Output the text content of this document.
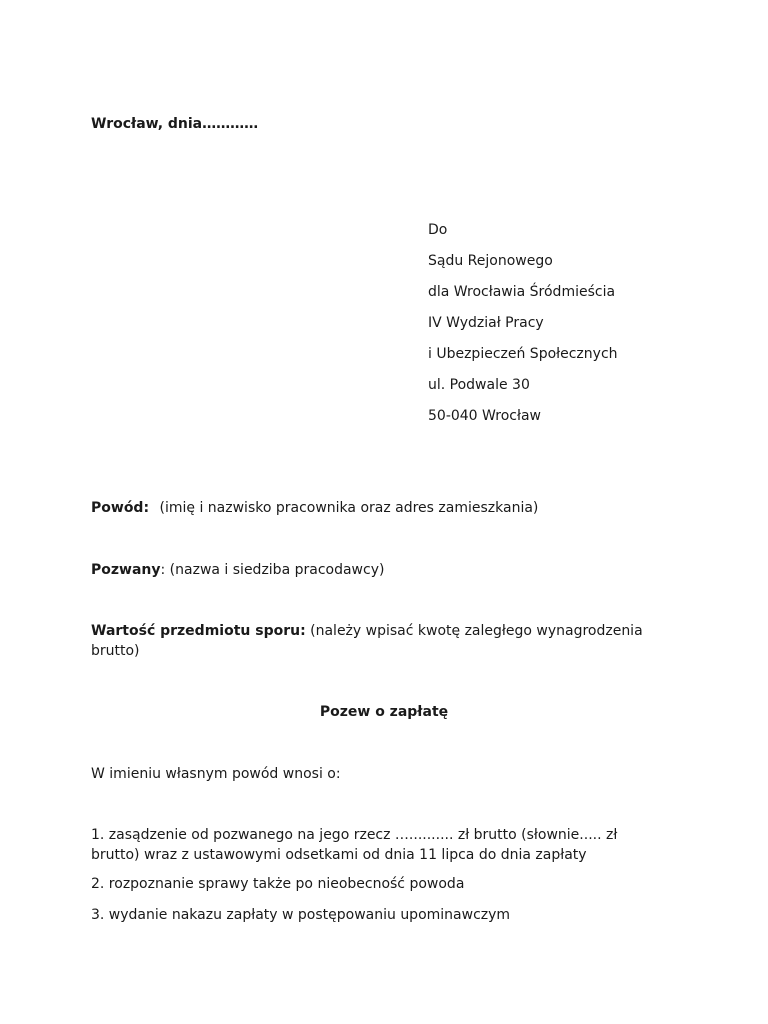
Wrocław, dnia…………
Do
Sądu Rejonowego
dla Wrocławia Śródmieścia
IV Wydział Pracy
i Ubezpieczeń Społecznych
ul. Podwale 30
50-040 Wrocław
Powód: (imię i nazwisko pracownika oraz adres zamieszkania)
Pozwany: (nazwa i siedziba pracodawcy)
Wartość przedmiotu sporu: (należy wpisać kwotę zaległego wynagrodzenia brutto)
Pozew o zapłatę
W imieniu własnym powód wnosi o:
1. zasądzenie od pozwanego na jego rzecz ….......... zł brutto (słownie..... zł brutto) wraz z ustawowymi odsetkami od dnia 11 lipca do dnia zapłaty
2. rozpoznanie sprawy także po nieobecność powoda
3. wydanie nakazu zapłaty w postępowaniu upominawczym
